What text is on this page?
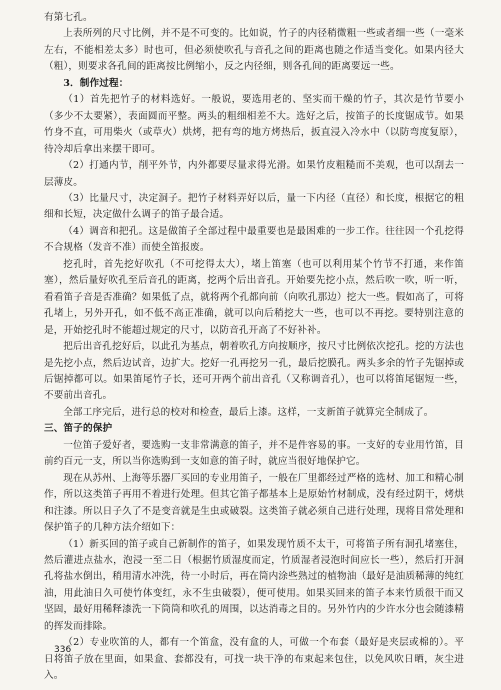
有第七孔。

上表所列的尺寸比例，并不是不可变的。比如说，竹子的内径稍微粗一些或者细一些（一毫米左右，不能相差太多）时也可，但必须使吹孔与音孔之间的距离也随之作适当变化。如果内径大（粗），则要求各孔间的距离按比例缩小，反之内径细，则各孔间的距离要远一些。

3．制作过程：

（1）首先把竹子的材料选好。一般说，要选用老的、坚实而干燥的竹子，其次是竹节要小（多少不太要紧），表面圆而平整。两头的粗细相差不大。选好之后，按笛子的长度锯成节。如果竹身不直，可用柴火（或草火）烘烤，把有弯的地方烤热后，扳直浸入冷水中（以防弯度复原），待冷却后拿出来摆干即可。

（2）打通内节，削平外节，内外都要尽量求得光滑。如果竹皮粗糙而不美观，也可以刮去一层薄皮。

（3）比量尺寸，决定洞子。把竹子材料弄好以后，量一下内径（直径）和长度，根据它的粗细和长短，决定做什么调子的笛子最合适。

（4）调音和把孔。这是做笛子全部过程中最重要也是最困难的一步工作。往往因一个孔挖得不合规格（发音不准）而使全笛报废。

挖孔时，首先挖好吹孔（不可挖得太大），堵上笛塞（也可以利用某个竹节不打通，来作笛塞），然后量好吹孔至后音孔的距离，挖两个后出音孔。开始要先挖小点，然后吹一吹，听一听，看看笛子音是否准确？如果低了点，就将两个孔都向前（向吹孔那边）挖大一些。假如高了，可将孔堵上，另外开孔，如不低不高正准确，就可以向后稍挖大一些，也可以不再挖。要特别注意的是，开始挖孔时不能超过规定的尺寸，以防音孔开高了不好补补。

把后出音孔挖好后，以此孔为基点，朝着吹孔方向按顺序，按尺寸比例依次挖孔。挖的方法也是先挖小点，然后边试音，边扩大。挖好一孔再挖另一孔，最后挖膜孔。两头多余的竹子先锯掉或后锯掉都可以。如果笛尾竹子长，还可开两个前出音孔（又称调音孔），也可以将笛尾锯短一些，不要前出音孔。

全部工序完后，进行总的校对和检查，最后上漆。这样，一支新笛子就算完全制成了。

三、笛子的保护

一位笛子爱好者，要选购一支非常满意的笛子，并不是件容易的事。一支好的专业用竹笛，目前约百元一支，所以当你选购到一支如意的笛子时，就应当很好地保护它。

现在从苏州、上海等乐器厂买回的专业用笛子，一般在厂里都经过严格的选材、加工和精心制作，所以这类笛子再用不着进行处理。但其它笛子都基本上是原始竹材制成，没有经过阴干，烤烘和注漆。所以日子久了不是变音就是生虫或破裂。这类笛子就必须自己进行处理，现将目常处理和保护笛子的几种方法介绍如下：

（1）新买回的笛子或自己新制作的笛子，如果发现竹质不太干，可将笛子所有洞孔堵塞住，然后灌进点盐水，泡浸一至二日（根据竹质湿度而定，竹质湿者浸泡时间应长一些），然后打开洞孔将盐水倒出，稍用清水冲洗，待一小时后，再在筒内涂些熟过的植物油（最好是油质稀薄的纯红油，用此油日久可使竹体变红，永不生虫破裂），便可使用。如果买回来的笛子本来竹质很干而又坚固，最好用稀释漆洗一下筒筒和吹孔的周围，以达消毒之目的。另外竹内的少许水分也会随漆精的挥发而排除。

（2）专业吹笛的人，都有一个笛盒，没有盒的人，可做一个布套（最好是夹层或棉的）。平日将笛子放在里面，如果盒、套都没有，可找一块干净的布束起来包住，以免风吹日晒，灰尘进入。

336
